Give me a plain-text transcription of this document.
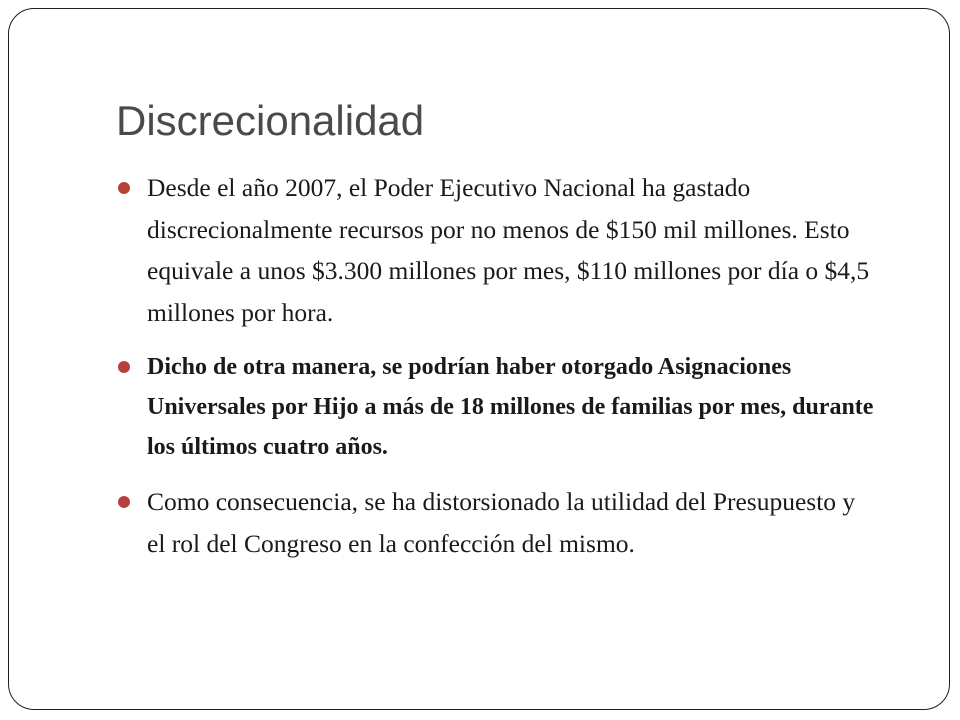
Discrecionalidad
Desde el año 2007, el Poder Ejecutivo Nacional ha gastado discrecionalmente recursos por no menos de $150 mil millones. Esto equivale a unos $3.300 millones por mes, $110 millones por día o $4,5 millones por hora.
Dicho de otra manera, se podrían haber otorgado Asignaciones Universales por Hijo a más de 18 millones de familias por mes, durante los últimos cuatro años.
Como consecuencia, se ha distorsionado la utilidad del Presupuesto y el rol del Congreso en la confección del mismo.
